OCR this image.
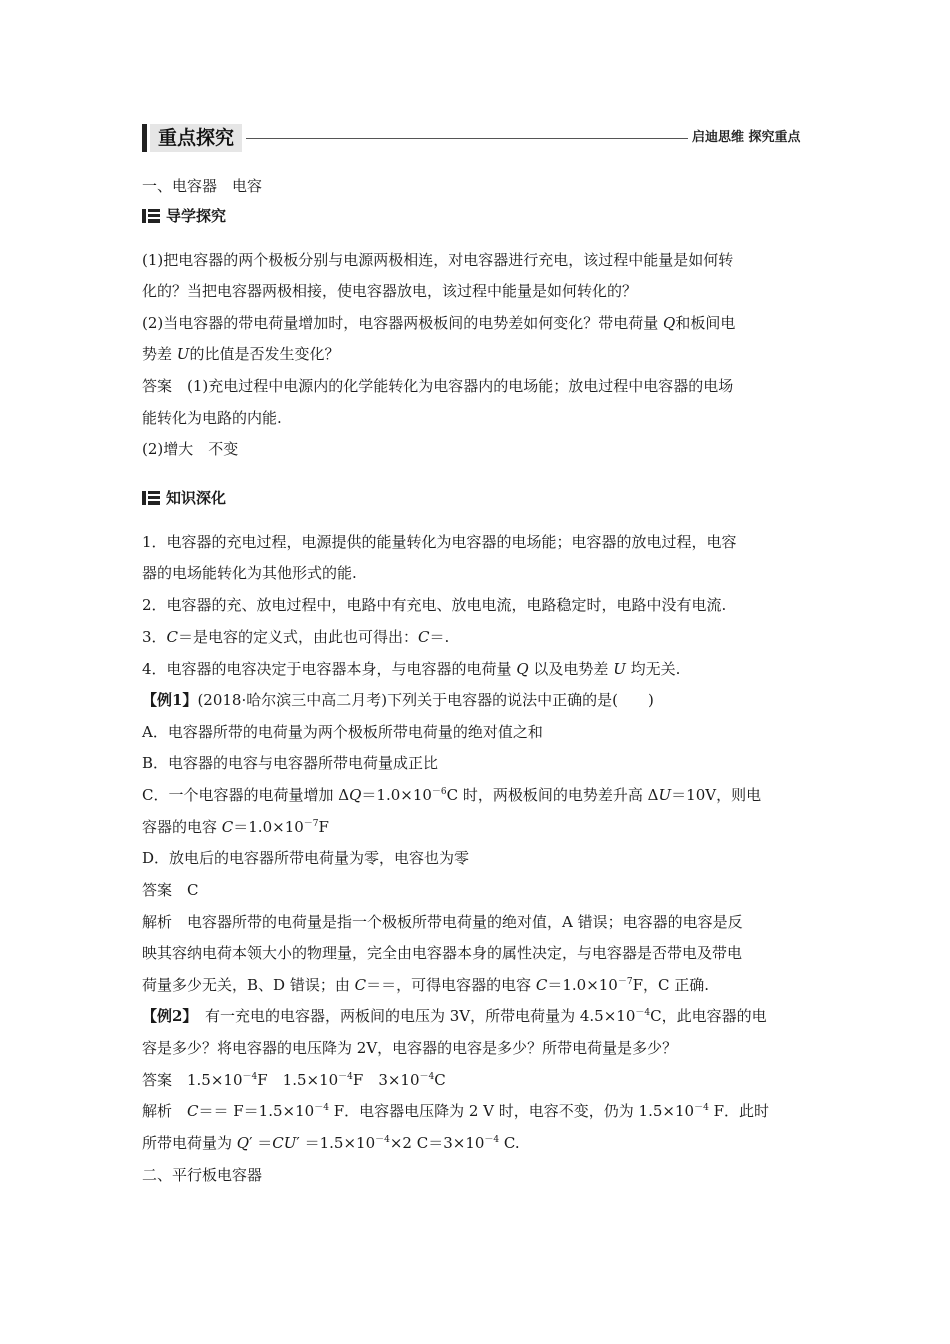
重点探究	启迪思维 探究重点
一、电容器　电容
导学探究
(1)把电容器的两个极板分别与电源两极相连，对电容器进行充电，该过程中能量是如何转
化的？当把电容器两极相接，使电容器放电，该过程中能量是如何转化的？
(2)当电容器的带电荷量增加时，电容器两极板间的电势差如何变化？带电荷量 Q和板间电
势差 U的比值是否发生变化？
答案　(1)充电过程中电源内的化学能转化为电容器内的电场能；放电过程中电容器的电场
能转化为电路的内能.
(2)增大　不变
知识深化
1．电容器的充电过程，电源提供的能量转化为电容器的电场能；电容器的放电过程，电容
器的电场能转化为其他形式的能.
2．电容器的充、放电过程中，电路中有充电、放电电流，电路稳定时，电路中没有电流.
3．C＝是电容的定义式，由此也可得出：C＝.
4．电容器的电容决定于电容器本身，与电容器的电荷量 Q 以及电势差 U 均无关.
【例1】(2018·哈尔滨三中高二月考)下列关于电容器的说法中正确的是(　　)
A．电容器所带的电荷量为两个极板所带电荷量的绝对值之和
B．电容器的电容与电容器所带电荷量成正比
C．一个电容器的电荷量增加 $\Delta Q=1.0\times 10^{-6}C$ 时，两极板间的电势差升高 ΔU＝10V，则电
容器的电容 $C=1.0\times 10^{-7}F$
D．放电后的电容器所带电荷量为零，电容也为零
答案　C
解析　电容器所带的电荷量是指一个极板所带电荷量的绝对值，A 错误；电容器的电容是反
映其容纳电荷本领大小的物理量，完全由电容器本身的属性决定，与电容器是否带电及带电
荷量多少无关，B、D 错误；由 C＝＝，可得电容器的电容 $C=1.0\times 10^{-7}F$，C 正确.
【例2】　有一充电的电容器，两板间的电压为 3V，所带电荷量为 $4.5\times 10^{-4}C$，此电容器的电
容是多少？将电容器的电压降为 2V，电容器的电容是多少？所带电荷量是多少？
答案　$1.5\times 10^{-4}F$　$1.5\times 10^{-4}F$　$3\times 10^{-4}C$
解析　$C== F=1.5\times 10^{-4}$ F．电容器电压降为 2 V 时，电容不变，仍为 $1.5\times 10^{-4}$ F．此时
所带电荷量为 $Q' =CU' =1.5\times 10^{-4}\times 2$ $C=3\times 10^{-4}$ C.
二、平行板电容器
